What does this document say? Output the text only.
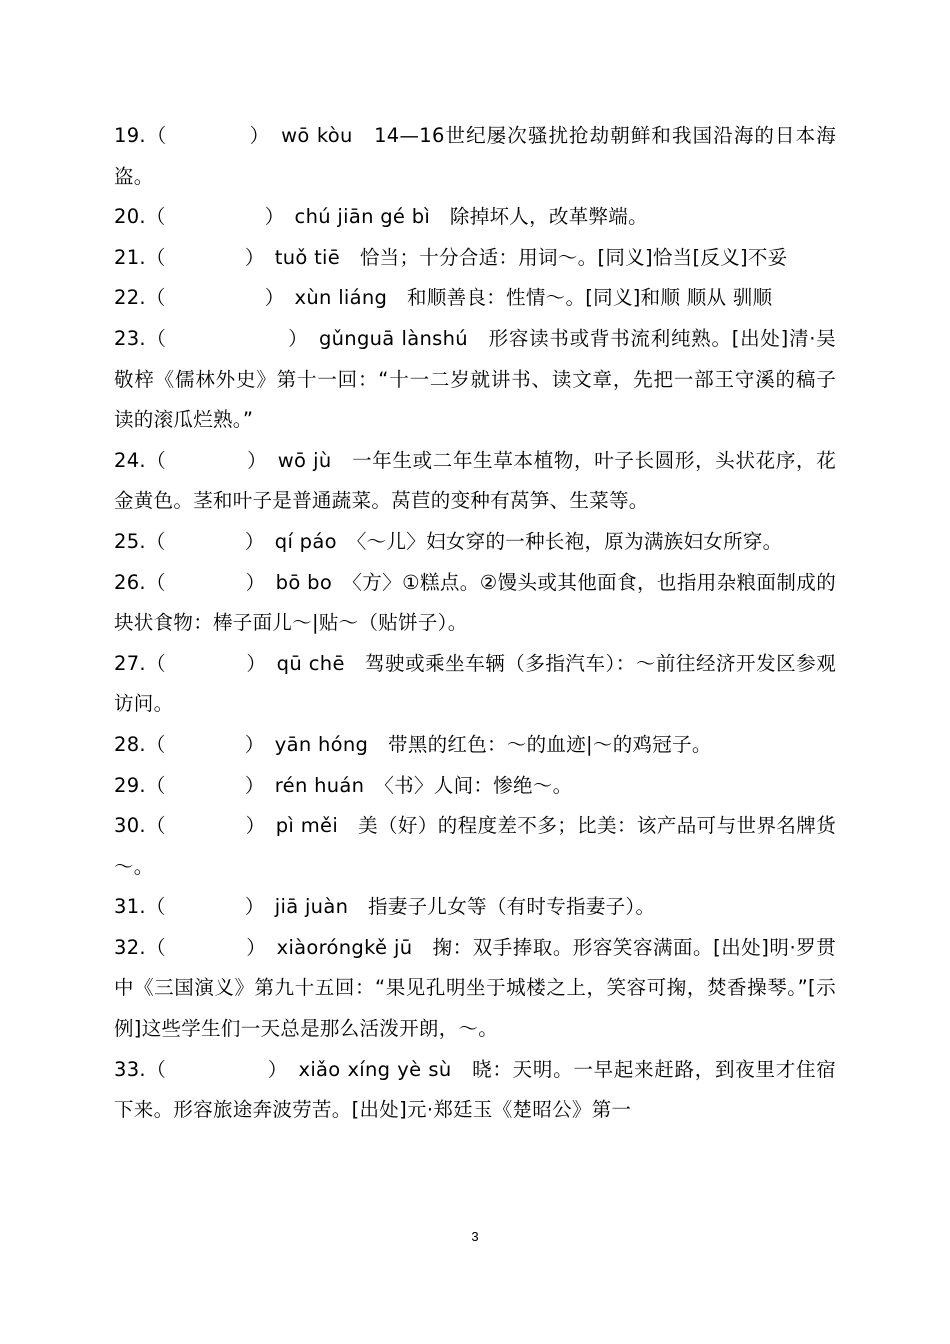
19.（　　　　）　wō kòu　14—16世纪屡次骚扰抢劫朝鲜和我国沿海的日本海盗。

20.（　　　　　）　chú jiān gé bì　除掉坏人，改革弊端。

21.（　　　　）　tuǒ tiē　恰当；十分合适：用词～。[同义]恰当[反义]不妥

22.（　　　　　）　xùn liáng　和顺善良：性情～。[同义]和顺 顺从 驯顺

23.（　　　　　　）　gǔnguā lànshú　形容读书或背书流利纯熟。[出处]清·吴敬梓《儒林外史》第十一回：“十一二岁就讲书、读文章，先把一部王守溪的稿子读的滚瓜烂熟。”

24.（　　　　）　wō jù　一年生或二年生草本植物，叶子长圆形，头状花序，花金黄色。茎和叶子是普通蔬菜。莴苣的变种有莴笋、生菜等。

25.（　　　　）　qí páo　〈～儿〉妇女穿的一种长袍，原为满族妇女所穿。

26.（　　　　）　bō bo　〈方〉①糕点。②馒头或其他面食，也指用杂粮面制成的块状食物：棒子面儿～|贴～（贴饼子）。

27.（　　　　）　qū chē　驾驶或乘坐车辆（多指汽车）：～前往经济开发区参观访问。

28.（　　　　）　yān hóng　带黑的红色：～的血迹|～的鸡冠子。

29.（　　　　）　rén huán　〈书〉人间：惨绝～。

30.（　　　　）　pì měi　美（好）的程度差不多；比美：该产品可与世界名牌货～。

31.（　　　　）　jiā juàn　指妻子儿女等（有时专指妻子）。

32.（　　　　）　xiàoróngkě jū　掬：双手捧取。形容笑容满面。[出处]明·罗贯中《三国演义》第九十五回：“果见孔明坐于城楼之上，笑容可掬，焚香操琴。”[示例]这些学生们一天总是那么活泼开朗，～。

33.（　　　　　）　xiǎo xíng yè sù　晓：天明。一早起来赶路，到夜里才住宿下来。形容旅途奔波劳苦。[出处]元·郑廷玉《楚昭公》第一

3
